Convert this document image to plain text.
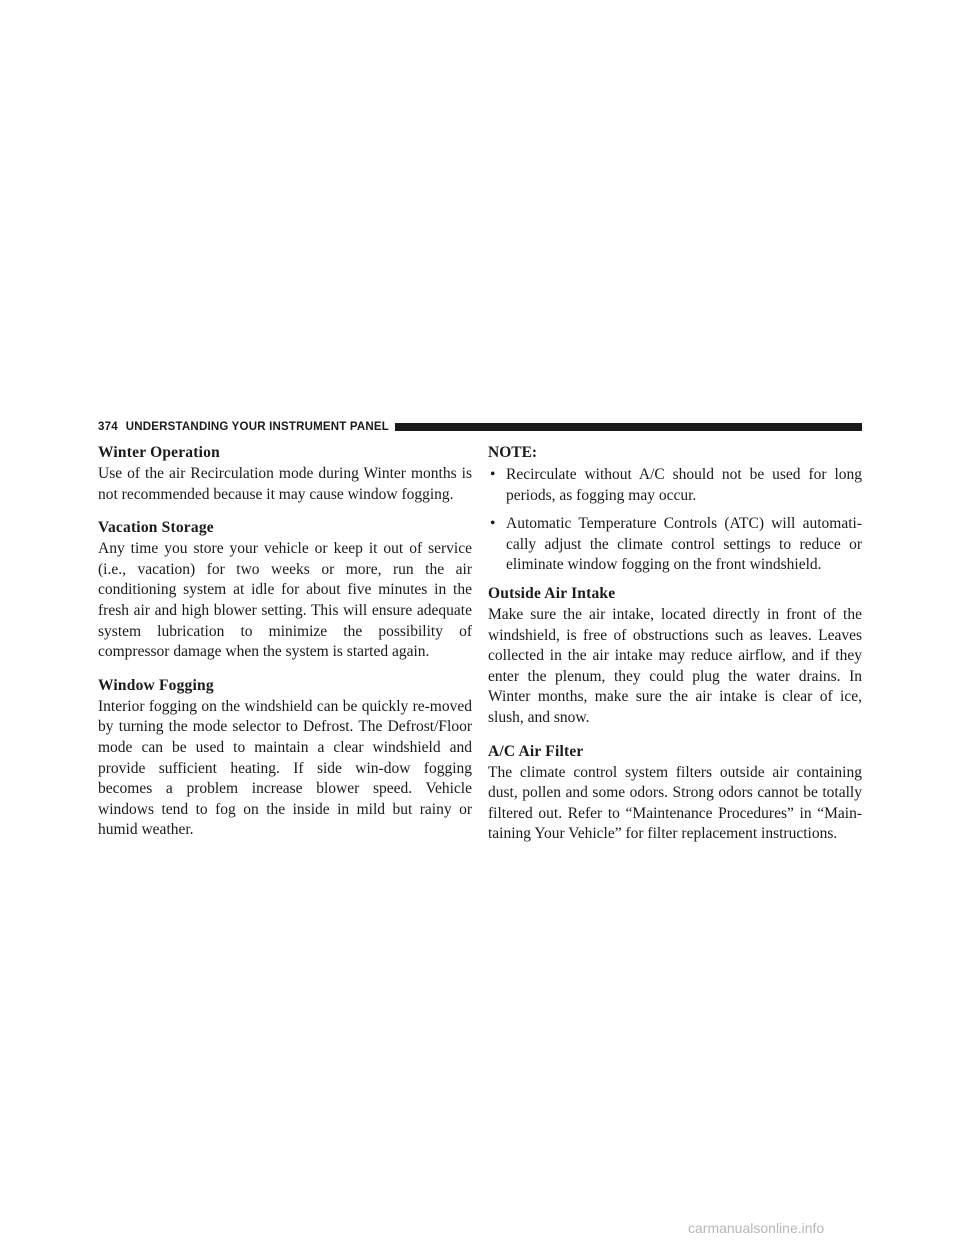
374 UNDERSTANDING YOUR INSTRUMENT PANEL
Winter Operation

Use of the air Recirculation mode during Winter months is not recommended because it may cause window fogging.

Vacation Storage

Any time you store your vehicle or keep it out of service (i.e., vacation) for two weeks or more, run the air conditioning system at idle for about five minutes in the fresh air and high blower setting. This will ensure adequate system lubrication to minimize the possibility of compressor damage when the system is started again.

Window Fogging

Interior fogging on the windshield can be quickly re-moved by turning the mode selector to Defrost. The Defrost/Floor mode can be used to maintain a clear windshield and provide sufficient heating. If side win-dow fogging becomes a problem increase blower speed. Vehicle windows tend to fog on the inside in mild but rainy or humid weather.

NOTE:
• Recirculate without A/C should not be used for long periods, as fogging may occur.
• Automatic Temperature Controls (ATC) will automati-cally adjust the climate control settings to reduce or eliminate window fogging on the front windshield.
Outside Air Intake

Make sure the air intake, located directly in front of the windshield, is free of obstructions such as leaves. Leaves collected in the air intake may reduce airflow, and if they enter the plenum, they could plug the water drains. In Winter months, make sure the air intake is clear of ice, slush, and snow.

A/C Air Filter

The climate control system filters outside air containing dust, pollen and some odors. Strong odors cannot be totally filtered out. Refer to “Maintenance Procedures” in “Main-taining Your Vehicle” for filter replacement instructions.

carmanualsonline.info
